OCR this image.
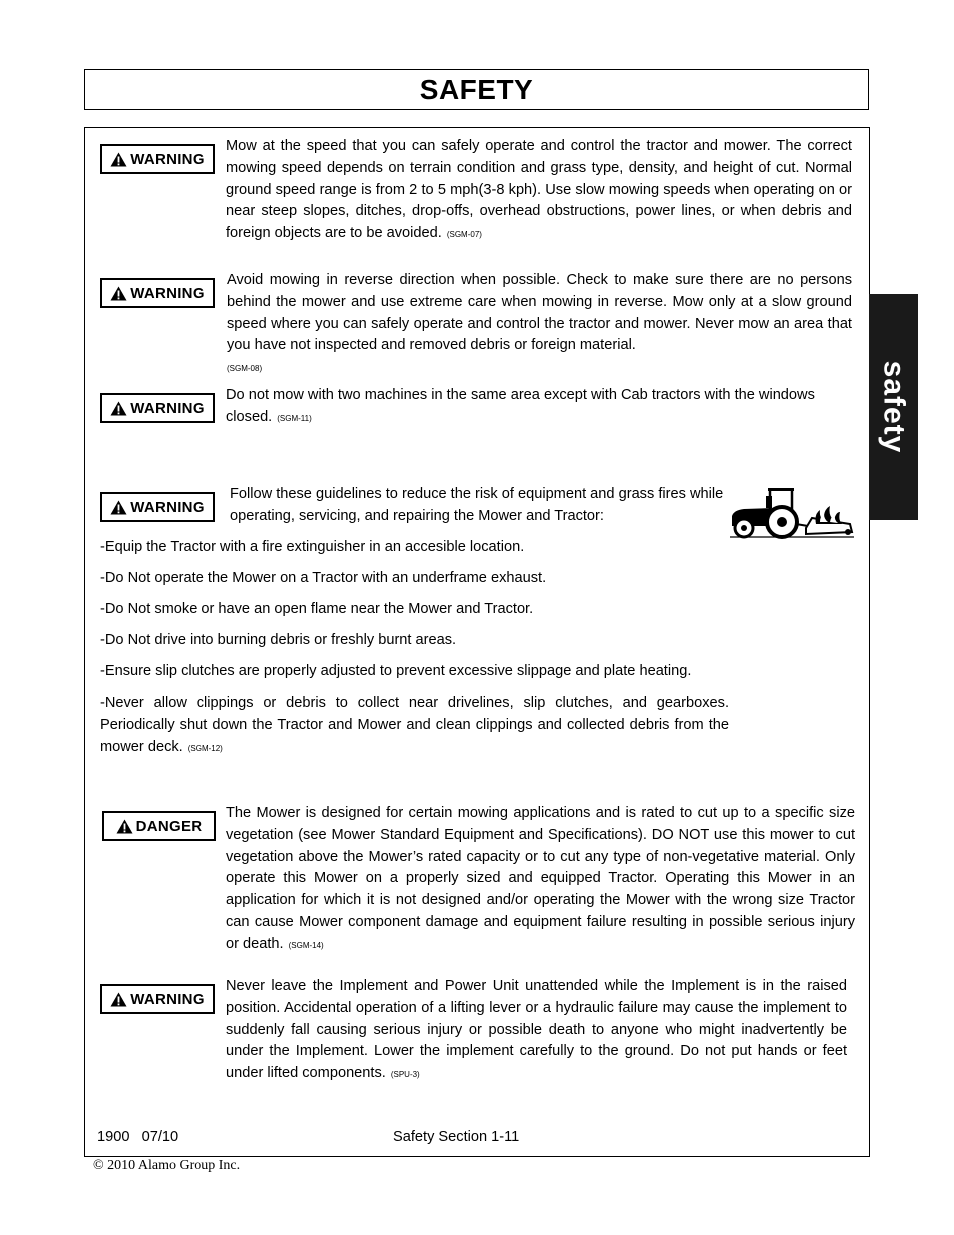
SAFETY
safety
WARNING

Mow at the speed that you can safely operate and control the tractor and mower. The correct mowing speed depends on terrain condition and grass type, density, and height of cut. Normal ground speed range is from 2 to 5 mph(3-8 kph). Use slow mowing speeds when operating on or near steep slopes, ditches, drop-offs, overhead obstructions, power lines, or when debris and foreign objects are to be avoided. (SGM-07)

WARNING

Avoid mowing in reverse direction when possible. Check to make sure there are no persons behind the mower and use extreme care when mowing in reverse. Mow only at a slow ground speed where you can safely operate and control the tractor and mower. Never mow an area that you have not inspected and removed debris or foreign material.
(SGM-08)

WARNING

Do not mow with two machines in the same area except with Cab tractors with the windows closed. (SGM-11)

WARNING

Follow these guidelines to reduce the risk of equipment and grass fires while operating, servicing, and repairing the Mower and Tractor:

-Equip the Tractor with a fire extinguisher in an accesible location.

-Do Not operate the Mower on a Tractor with an underframe exhaust.

-Do Not smoke or have an open flame near the Mower and Tractor.

-Do Not drive into burning debris or freshly burnt areas.

-Ensure slip clutches are properly adjusted to prevent excessive slippage and plate heating.

-Never allow clippings or debris to collect near drivelines, slip clutches, and gearboxes. Periodically shut down the Tractor and Mower and clean clippings and collected debris from the mower deck. (SGM-12)

DANGER

The Mower is designed for certain mowing applications and is rated to cut up to a specific size vegetation (see Mower Standard Equipment and Specifications). DO NOT use this mower to cut vegetation above the Mower’s rated capacity or to cut any type of non-vegetative material. Only operate this Mower on a properly sized and equipped Tractor. Operating this Mower in an application for which it is not designed and/or operating the Mower with the wrong size Tractor can cause Mower component damage and equipment failure resulting in possible serious injury or death. (SGM-14)

WARNING

Never leave the Implement and Power Unit unattended while the Implement is in the raised position. Accidental operation of a lifting lever or a hydraulic failure may cause the implement to suddenly fall causing serious injury or possible death to anyone who might inadvertently be under the Implement. Lower the implement carefully to the ground. Do not put hands or feet under lifted components. (SPU-3)

1900   07/10	Safety Section 1-11
© 2010 Alamo Group Inc.
